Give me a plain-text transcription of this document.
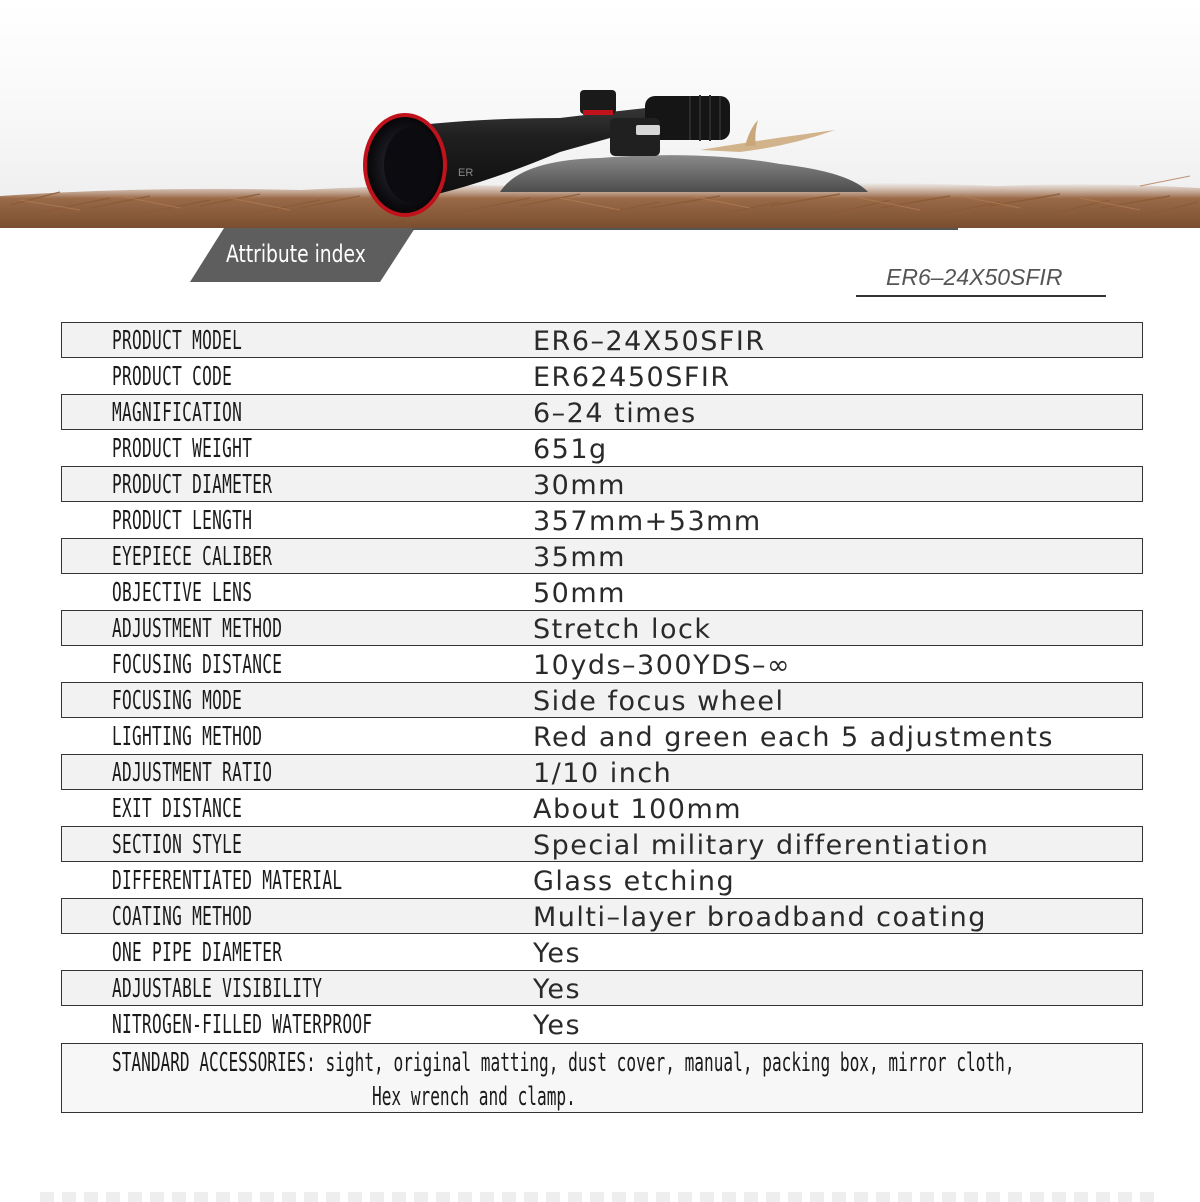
ER
Attribute index
ER6–24X50SFIR
PRODUCT MODEL	ER6–24X50SFIR
PRODUCT CODE	ER62450SFIR
MAGNIFICATION	6–24 times
PRODUCT WEIGHT	651g
PRODUCT DIAMETER	30mm
PRODUCT LENGTH	357mm+53mm
EYEPIECE CALIBER	35mm
OBJECTIVE LENS	50mm
ADJUSTMENT METHOD	Stretch lock
FOCUSING DISTANCE	10yds–300YDS–∞
FOCUSING MODE	Side focus wheel
LIGHTING METHOD	Red and green each 5 adjustments
ADJUSTMENT RATIO	1/10 inch
EXIT DISTANCE	About 100mm
SECTION STYLE	Special military differentiation
DIFFERENTIATED MATERIAL	Glass etching
COATING METHOD	Multi–layer broadband coating
ONE PIPE DIAMETER	Yes
ADJUSTABLE VISIBILITY	Yes
NITROGEN-FILLED WATERPROOF	Yes
STANDARD ACCESSORIES: sight, original matting, dust cover, manual, packing box, mirror cloth,
Hex wrench and clamp.
